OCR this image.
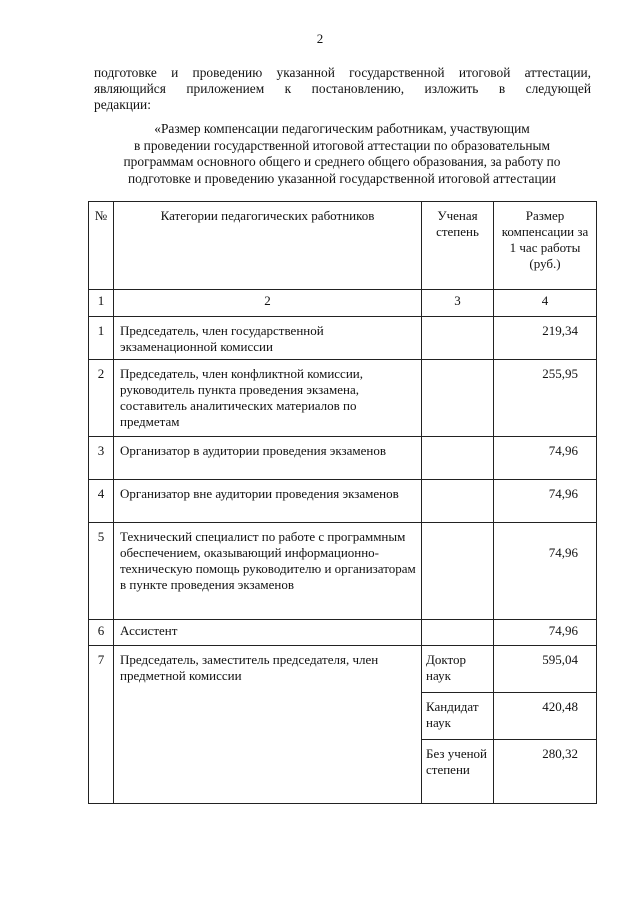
2
подготовке и проведению указанной государственной итоговой аттестации,
являющийся приложением к постановлению, изложить в следующей
редакции:
«Размер компенсации педагогическим работникам, участвующим
в проведении государственной итоговой аттестации по образовательным
программам основного общего и среднего общего образования, за работу по
подготовке и проведению указанной государственной итоговой аттестации
№	Категории педагогических работников	Ученая степень	Размер компенсации за 1 час работы (руб.)
1	2	3	4
1	Председатель, член государственной экзаменационной комиссии		219,34
2	Председатель, член конфликтной комиссии, руководитель пункта проведения экзамена, составитель аналитических материалов по предметам		255,95
3	Организатор в аудитории проведения экзаменов		74,96
4	Организатор вне аудитории проведения экзаменов		74,96
5	Технический специалист по работе с программным обеспечением, оказывающий информационно-техническую помощь руководителю и организаторам в пункте проведения экзаменов		74,96
6	Ассистент		74,96
7	Председатель, заместитель председателя, член предметной комиссии	Доктор наук	595,04
		Кандидат наук	420,48
		Без ученой степени	280,32
